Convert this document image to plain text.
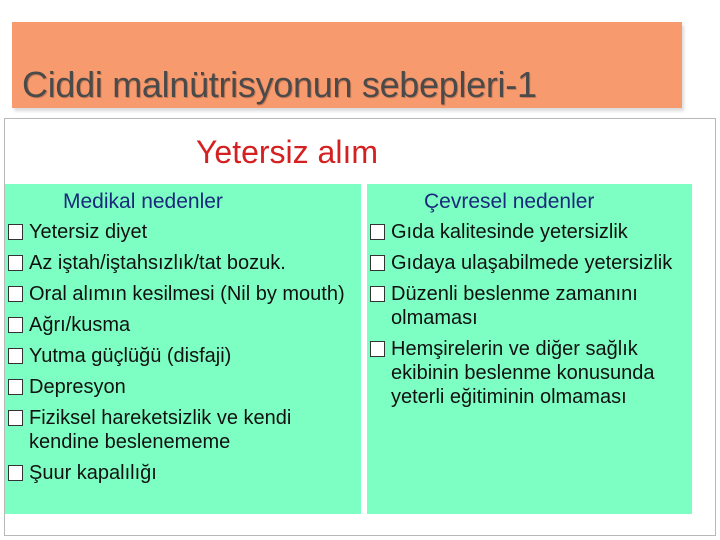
Ciddi malnütrisyonun sebepleri-1
Yetersiz alım
Medikal nedenler
Yetersiz diyet
Az iştah/iştahsızlık/tat bozuk.
Oral alımın kesilmesi (Nil by mouth)
Ağrı/kusma
Yutma güçlüğü (disfaji)
Depresyon
Fiziksel hareketsizlik ve kendi kendine beslenememe
Şuur kapalılığı
Çevresel nedenler
Gıda kalitesinde yetersizlik
Gıdaya ulaşabilmede yetersizlik
Düzenli beslenme zamanını olmaması
Hemşirelerin ve diğer sağlık ekibinin beslenme konusunda yeterli eğitiminin olmaması
